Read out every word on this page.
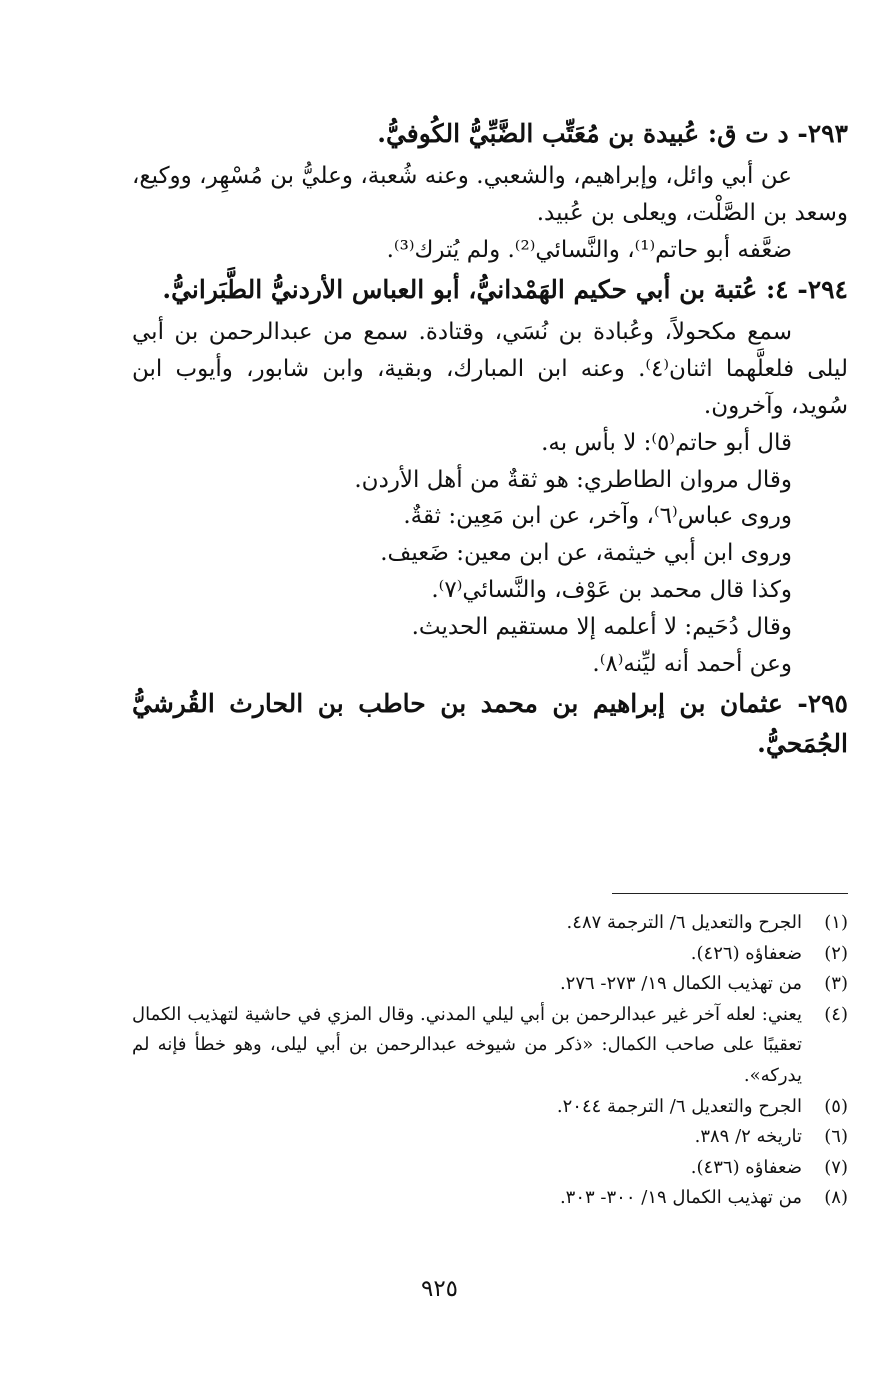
٢٩٣- د ت ق: عُبيدة بن مُعَتِّب الضَّبِّيُّ الكُوفيُّ.

عن أبي وائل، وإبراهيم، والشعبي. وعنه شُعبة، وعليُّ بن مُسْهِر، ووكيع، وسعد بن الصَّلْت، ويعلى بن عُبيد.

ضعَّفه أبو حاتم⁽¹⁾، والنَّسائي⁽²⁾. ولم يُترك⁽³⁾.

٢٩٤- ٤: عُتبة بن أبي حكيم الهَمْدانيُّ، أبو العباس الأردنيُّ الطَّبَرانيُّ.

سمع مكحولاً، وعُبادة بن نُسَي، وقتادة. سمع من عبدالرحمن بن أبي ليلى فلعلَّهما اثنان⁽٤⁾. وعنه ابن المبارك، وبقية، وابن شابور، وأيوب ابن سُويد، وآخرون.

قال أبو حاتم⁽٥⁾: لا بأس به.

وقال مروان الطاطري: هو ثقةٌ من أهل الأردن.

وروى عباس⁽٦⁾، وآخر، عن ابن مَعِين: ثقةٌ.

وروى ابن أبي خيثمة، عن ابن معين: ضَعيف.

وكذا قال محمد بن عَوْف، والنَّسائي⁽٧⁾.

وقال دُحَيم: لا أعلمه إلا مستقيم الحديث.

وعن أحمد أنه ليِّنه⁽٨⁾.

٢٩٥- عثمان بن إبراهيم بن محمد بن حاطب بن الحارث القُرشيُّ الجُمَحيُّ.

(١)
الجرح والتعديل ٦/ الترجمة ٤٨٧.
(٢)
ضعفاؤه (٤٢٦).
(٣)
من تهذيب الكمال ١٩/ ٢٧٣- ٢٧٦.
(٤)
يعني: لعله آخر غير عبدالرحمن بن أبي ليلي المدني. وقال المزي في حاشية لتهذيب الكمال تعقيبًا على صاحب الكمال: «ذكر من شيوخه عبدالرحمن بن أبي ليلى، وهو خطأ فإنه لم يدركه».
(٥)
الجرح والتعديل ٦/ الترجمة ٢٠٤٤.
(٦)
تاريخه ٢/ ٣٨٩.
(٧)
ضعفاؤه (٤٣٦).
(٨)
من تهذيب الكمال ١٩/ ٣٠٠- ٣٠٣.
٩٢٥
